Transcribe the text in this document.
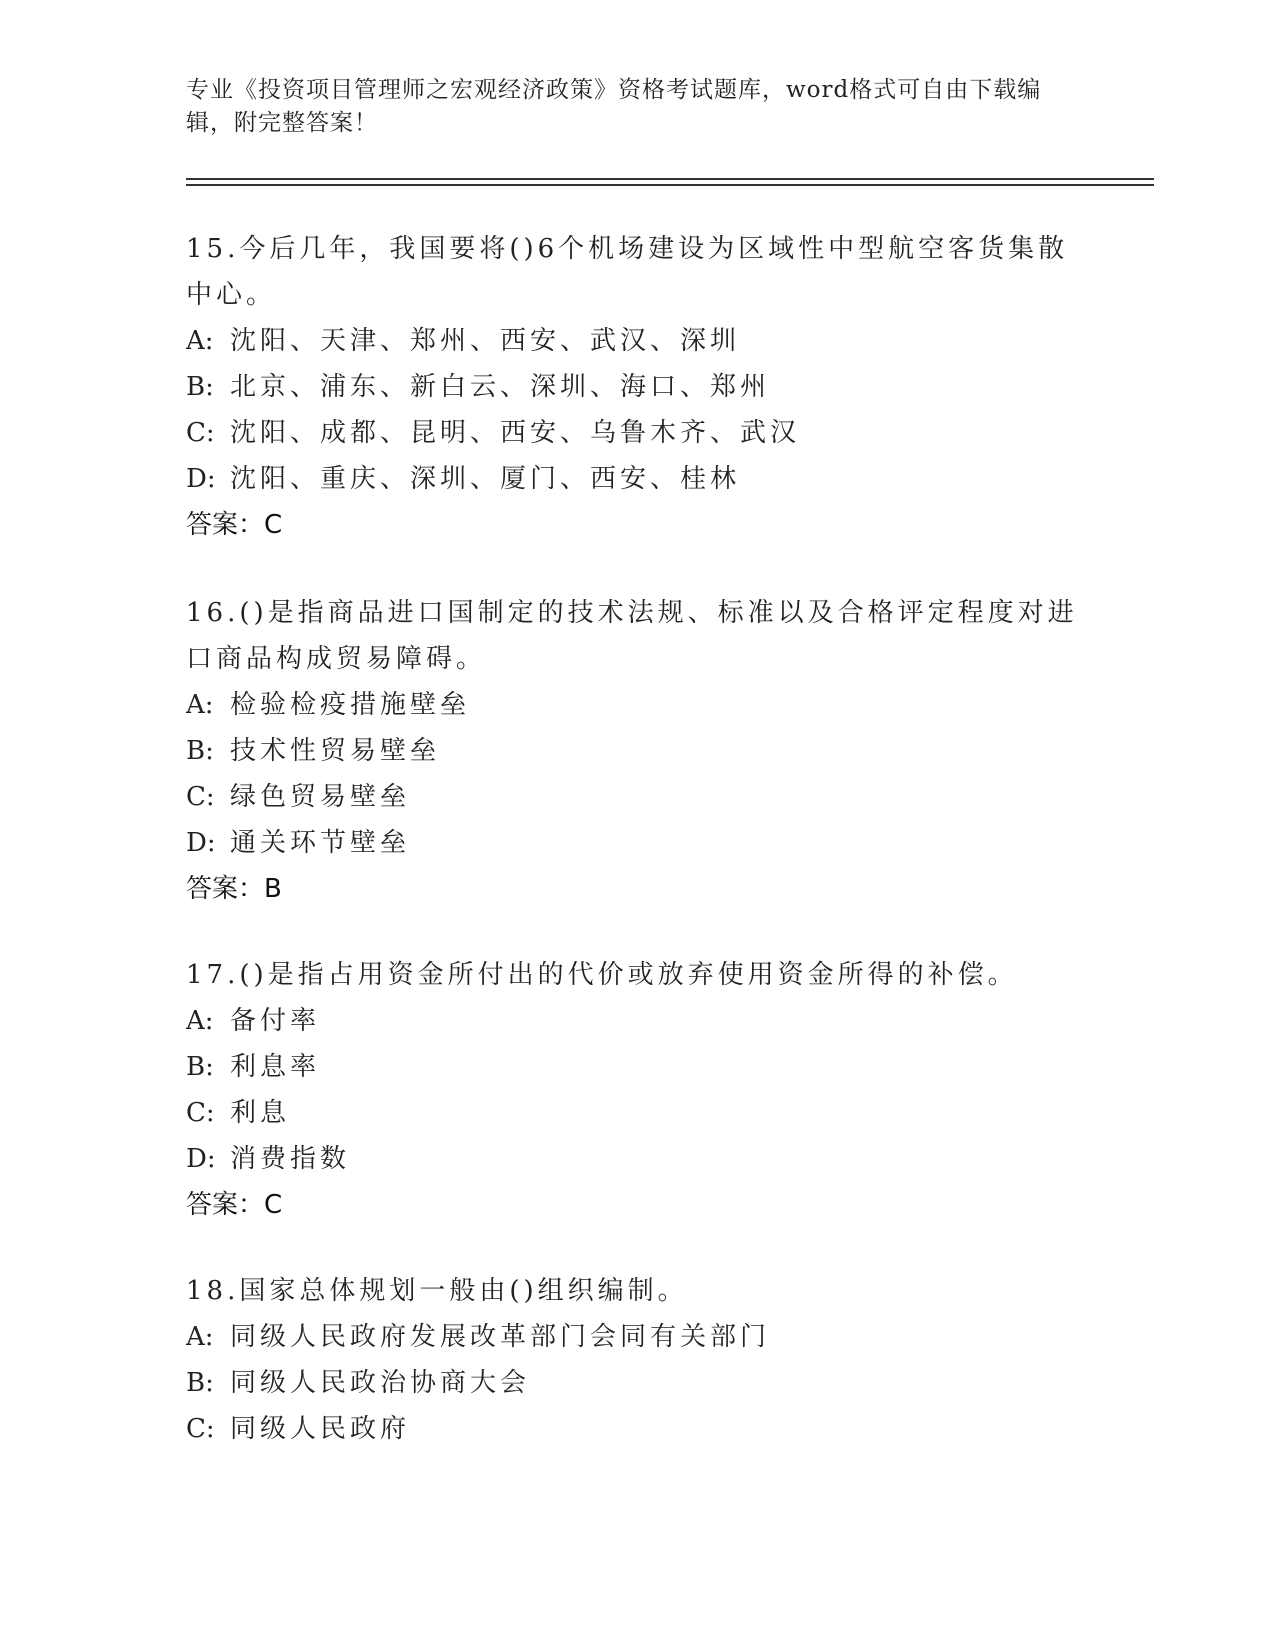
专业《投资项目管理师之宏观经济政策》资格考试题库，word格式可自由下载编辑，附完整答案！

15.今后几年，我国要将()6个机场建设为区域性中型航空客货集散中心。

A: 沈阳、天津、郑州、西安、武汉、深圳

B: 北京、浦东、新白云、深圳、海口、郑州

C: 沈阳、成都、昆明、西安、乌鲁木齐、武汉

D: 沈阳、重庆、深圳、厦门、西安、桂林

答案：C

16.()是指商品进口国制定的技术法规、标准以及合格评定程度对进口商品构成贸易障碍。

A: 检验检疫措施壁垒

B: 技术性贸易壁垒

C: 绿色贸易壁垒

D: 通关环节壁垒

答案：B

17.()是指占用资金所付出的代价或放弃使用资金所得的补偿。

A: 备付率

B: 利息率

C: 利息

D: 消费指数

答案：C

18.国家总体规划一般由()组织编制。

A: 同级人民政府发展改革部门会同有关部门

B: 同级人民政治协商大会

C: 同级人民政府
